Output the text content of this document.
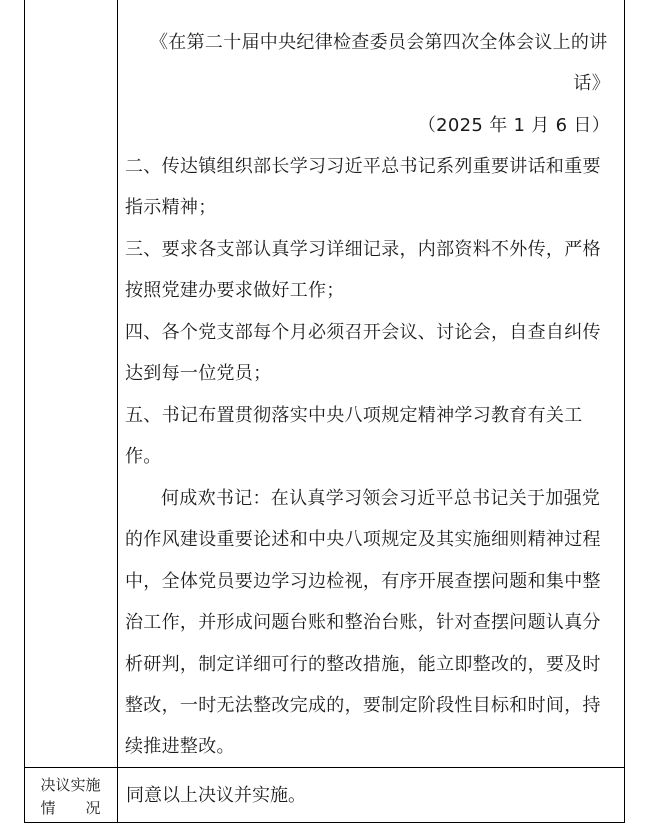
《在第二十届中央纪律检查委员会第四次全体会议上的讲
话》
（2025 年 1 月 6 日）
二、传达镇组织部长学习习近平总书记系列重要讲话和重要
指示精神；
三、要求各支部认真学习详细记录，内部资料不外传，严格
按照党建办要求做好工作；
四、各个党支部每个月必须召开会议、讨论会，自查自纠传
达到每一位党员；
五、书记布置贯彻落实中央八项规定精神学习教育有关工
作。
何成欢书记：在认真学习领会习近平总书记关于加强党
的作风建设重要论述和中央八项规定及其实施细则精神过程
中，全体党员要边学习边检视，有序开展查摆问题和集中整
治工作，并形成问题台账和整治台账，针对查摆问题认真分
析研判，制定详细可行的整改措施，能立即整改的，要及时
整改，一时无法整改完成的，要制定阶段性目标和时间，持
续推进整改。
决议实施
情　　况
同意以上决议并实施。
